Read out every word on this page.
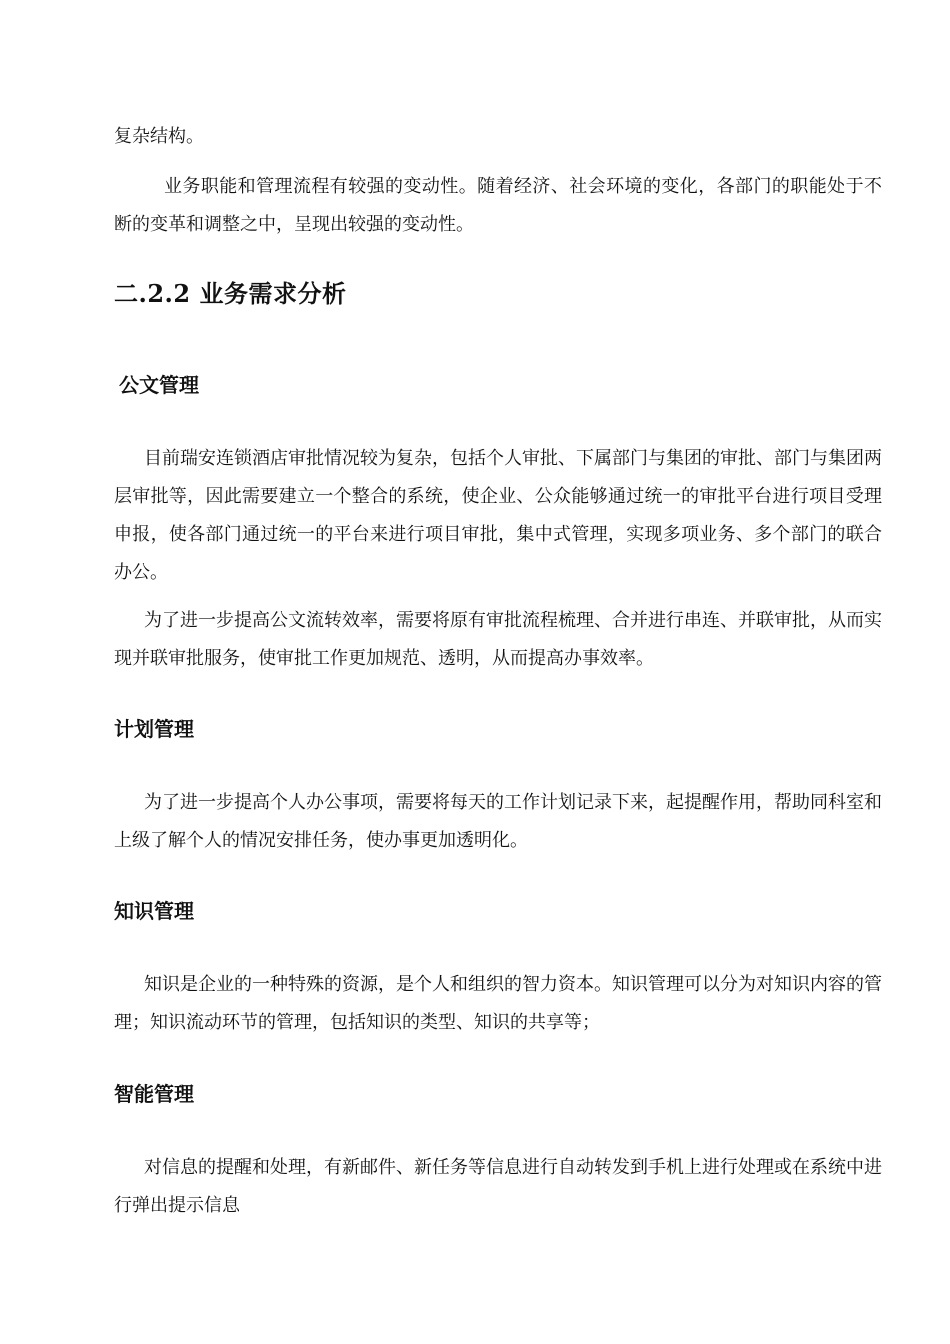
复杂结构。

业务职能和管理流程有较强的变动性。随着经济、社会环境的变化，各部门的职能处于不断的变革和调整之中，呈现出较强的变动性。

二.2.2 业务需求分析
公文管理

目前瑞安连锁酒店审批情况较为复杂，包括个人审批、下属部门与集团的审批、部门与集团两层审批等，因此需要建立一个整合的系统，使企业、公众能够通过统一的审批平台进行项目受理申报，使各部门通过统一的平台来进行项目审批，集中式管理，实现多项业务、多个部门的联合办公。

为了进一步提高公文流转效率，需要将原有审批流程梳理、合并进行串连、并联审批，从而实现并联审批服务，使审批工作更加规范、透明，从而提高办事效率。

计划管理

为了进一步提高个人办公事项，需要将每天的工作计划记录下来，起提醒作用，帮助同科室和上级了解个人的情况安排任务，使办事更加透明化。

知识管理

知识是企业的一种特殊的资源，是个人和组织的智力资本。知识管理可以分为对知识内容的管理；知识流动环节的管理，包括知识的类型、知识的共享等；

智能管理

对信息的提醒和处理，有新邮件、新任务等信息进行自动转发到手机上进行处理或在系统中进行弹出提示信息
